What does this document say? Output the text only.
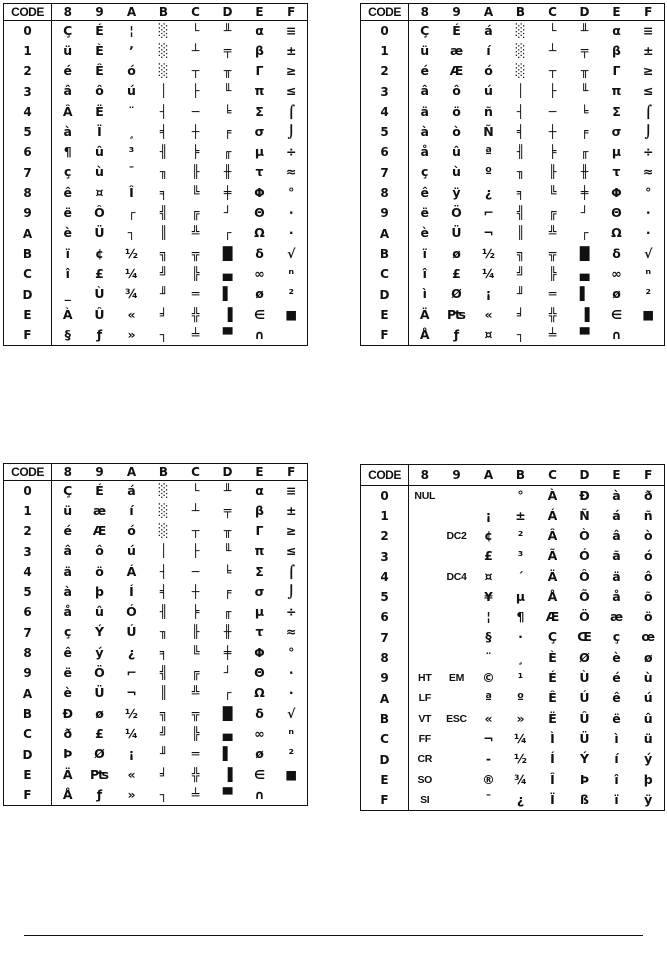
CODE	8	9	A	B	C	D	E	F
0	Ç	É	¦	░	└	╨	α	≡
1	ü	È	ʼ	░	┴	╤	β	±
2	é	Ê	ó	░	┬	╥	Γ	≥
3	â	ô	ú	│	├	╙	π	≤
4	Â	Ë	¨	┤	─	╘	Σ	⌠
5	à	Ï	¸	╡	┼	╒	σ	⌡
6	¶	û	³	╢	╞	╓	µ	÷
7	ç	ù	¯	╖	╟	╫	τ	≈
8	ê	¤	Î	╕	╚	╪	Φ	°
9	ë	Ô	┌	╣	╔	┘	Θ	∙
A	è	Ü	┐	║	╩	┌	Ω	·
B	ï	¢	½	╗	╦	█	δ	√
C	î	£	¼	╝	╠	▄	∞	ⁿ
D	_	Ù	¾	╜	═	▌	ø	²
E	À	Û	«	╛	╬	▐	∈	■
F	§	ƒ	»	┐	╧	▀	∩	
CODE	8	9	A	B	C	D	E	F
0	Ç	É	á	░	└	╨	α	≡
1	ü	æ	í	░	┴	╤	β	±
2	é	Æ	ó	░	┬	╥	Γ	≥
3	â	ô	ú	│	├	╙	π	≤
4	ä	ö	ñ	┤	─	╘	Σ	⌠
5	à	ò	Ñ	╡	┼	╒	σ	⌡
6	å	û	ª	╢	╞	╓	µ	÷
7	ç	ù	º	╖	╟	╫	τ	≈
8	ê	ÿ	¿	╕	╚	╪	Φ	°
9	ë	Ö	⌐	╣	╔	┘	Θ	∙
A	è	Ü	¬	║	╩	┌	Ω	·
B	ï	ø	½	╗	╦	█	δ	√
C	î	£	¼	╝	╠	▄	∞	ⁿ
D	ì	Ø	¡	╜	═	▌	ø	²
E	Ä	₧	«	╛	╬	▐	∈	■
F	Å	ƒ	¤	┐	╧	▀	∩	
CODE	8	9	A	B	C	D	E	F
0	Ç	É	á	░	└	╨	α	≡
1	ü	æ	í	░	┴	╤	β	±
2	é	Æ	ó	░	┬	╥	Γ	≥
3	â	ô	ú	│	├	╙	π	≤
4	ä	ö	Á	┤	─	╘	Σ	⌠
5	à	þ	Í	╡	┼	╒	σ	⌡
6	å	û	Ó	╢	╞	╓	µ	÷
7	ç	Ý	Ú	╖	╟	╫	τ	≈
8	ê	ý	¿	╕	╚	╪	Φ	°
9	ë	Ö	⌐	╣	╔	┘	Θ	∙
A	è	Ü	¬	║	╩	┌	Ω	·
B	Ð	ø	½	╗	╦	█	δ	√
C	ð	£	¼	╝	╠	▄	∞	ⁿ
D	Þ	Ø	¡	╜	═	▌	ø	²
E	Ä	₧	«	╛	╬	▐	∈	■
F	Å	ƒ	»	┐	╧	▀	∩	
CODE	8	9	A	B	C	D	E	F
0	NUL			°	À	Ð	à	ð
1			¡	±	Á	Ñ	á	ñ
2		DC2	¢	²	Â	Ò	â	ò
3			£	³	Ã	Ó	ã	ó
4		DC4	¤	´	Ä	Ô	ä	ô
5			¥	µ	Å	Õ	å	õ
6			¦	¶	Æ	Ö	æ	ö
7			§	·	Ç	Œ	ç	œ
8			¨	¸	È	Ø	è	ø
9	HT	EM	©	¹	É	Ù	é	ù
A	LF		ª	º	Ê	Ú	ê	ú
B	VT	ESC	«	»	Ë	Û	ë	û
C	FF		¬	¼	Ì	Ü	ì	ü
D	CR		-	½	Í	Ý	í	ý
E	SO		®	¾	Î	Þ	î	þ
F	SI		¯	¿	Ï	ß	ï	ÿ
